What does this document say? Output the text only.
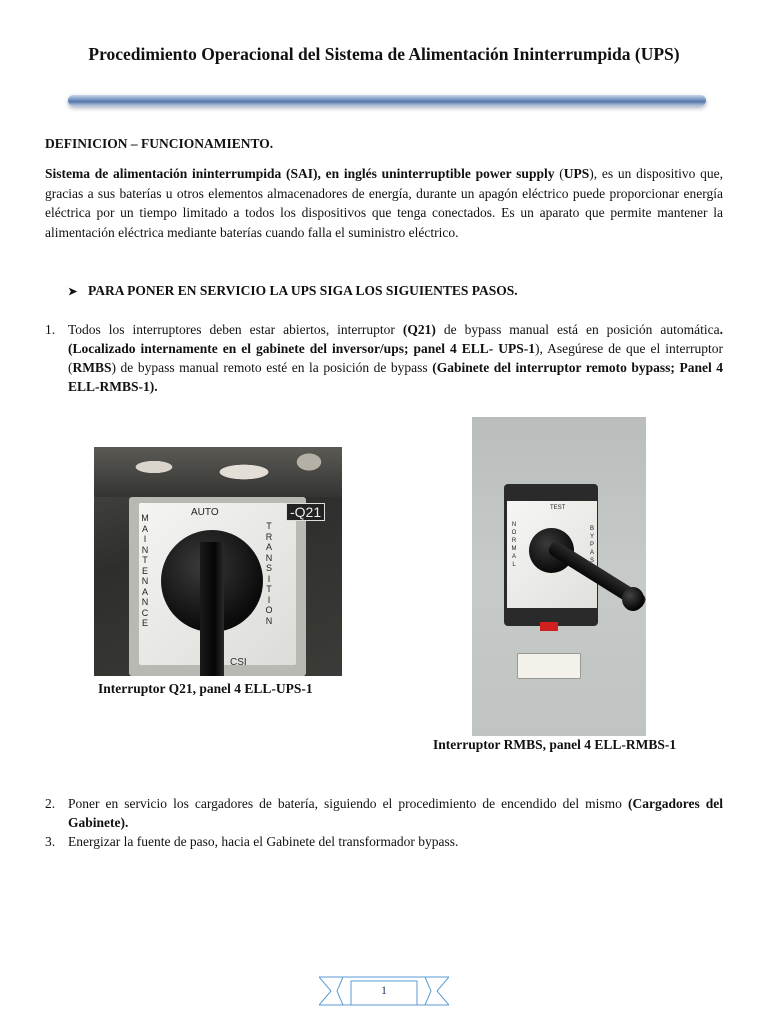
Procedimiento Operacional del Sistema de Alimentación Ininterrumpida (UPS)
DEFINICION – FUNCIONAMIENTO.
Sistema de alimentación ininterrumpida (SAI), en inglés uninterruptible power supply (UPS), es un dispositivo que, gracias a sus baterías u otros elementos almacenadores de energía, durante un apagón eléctrico puede proporcionar energía eléctrica por un tiempo limitado a todos los dispositivos que tenga conectados. Es un aparato que permite mantener la alimentación eléctrica mediante baterías cuando falla el suministro eléctrico.
➤ PARA PONER EN SERVICIO LA UPS SIGA LOS SIGUIENTES PASOS.
1. Todos los interruptores deben estar abiertos, interruptor (Q21) de bypass manual está en posición automática. (Localizado internamente en el gabinete del inversor/ups; panel 4 ELL- UPS-1), Asegúrese de que el interruptor (RMBS) de bypass manual remoto esté en la posición de bypass (Gabinete del interruptor remoto bypass; Panel 4 ELL-RMBS-1).
-Q21
AUTO
M
A
I
N
T
E
N
A
N
C
E
T
R
A
N
S
I
T
I
O
N
CSI
Interruptor Q21, panel 4 ELL-UPS-1
TEST
N
O
R
M
A
L
B
Y
P
A
S

Interruptor RMBS, panel 4 ELL-RMBS-1
2. Poner en servicio los cargadores de batería, siguiendo el procedimiento de encendido del mismo (Cargadores del Gabinete).
3. Energizar la fuente de paso, hacia el Gabinete del transformador bypass.
1
